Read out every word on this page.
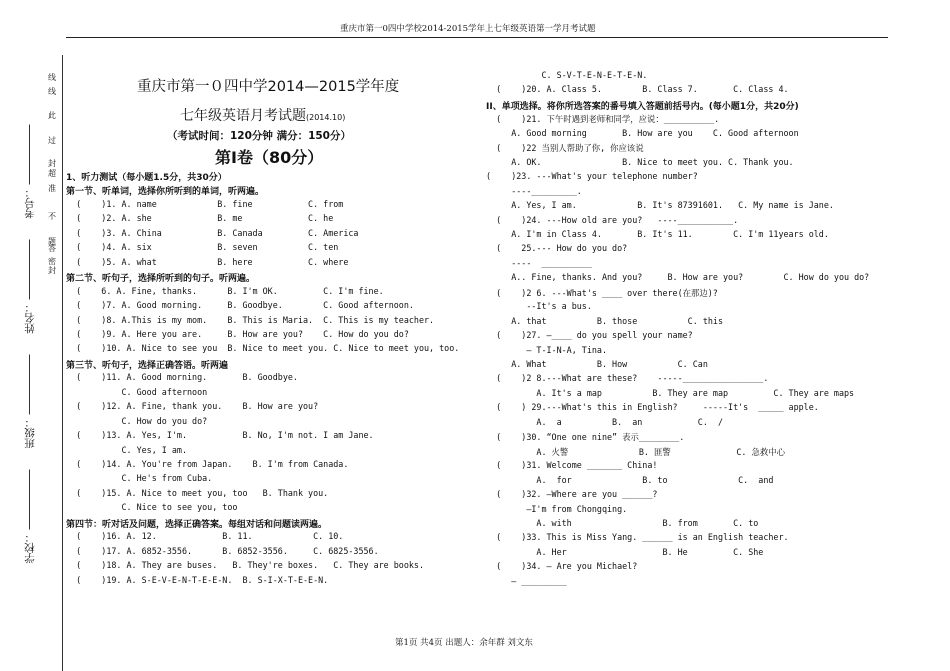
重庆市第一0四中学校2014-2015学年上七年级英语第一学月考试题
线
线
此
过
封
超
准
不
题
答
密
封
考号：
姓名：
班级：
学校：
重庆市第一０四中学2014—2015学年度
七年级英语月考试题(2014.10)
（考试时间：120分钟 满分：150分）
第Ⅰ卷（80分）
1、听力测试（每小题1.5分，共30分）
第一节、听单词，选择你所听到的单词，听两遍。
(    )1. A. name            B. fine           C. from
(    )2. A. she             B. me             C. he
(    )3. A. China           B. Canada         C. America
(    )4. A. six             B. seven          C. ten
(    )5. A. what            B. here           C. where
第二节、听句子，选择所听到的句子。听两遍。
(    6. A. Fine, thanks.      B. I'm OK.         C. I'm fine.
(    )7. A. Good morning.     B. Goodbye.        C. Good afternoon.
(    )8. A.This is my mom.    B. This is Maria.  C. This is my teacher.
(    )9. A. Here you are.     B. How are you?    C. How do you do?
(    )10. A. Nice to see you  B. Nice to meet you. C. Nice to meet you, too.
第三节、听句子，选择正确答语。听两遍
(    )11. A. Good morning.       B. Goodbye.
C. Good afternoon
(    )12. A. Fine, thank you.    B. How are you?
C. How do you do?
(    )13. A. Yes, I'm.           B. No, I'm not. I am Jane.
C. Yes, I am.
(    )14. A. You're from Japan.    B. I'm from Canada.
C. He's from Cuba.
(    )15. A. Nice to meet you, too   B. Thank you.
C. Nice to see you, too
第四节：听对话及问题，选择正确答案。每组对话和问题读两遍。
(    )16. A. 12.             B. 11.            C. 10.
(    )17. A. 6852-3556.      B. 6852-3556.     C. 6825-3556.
(    )18. A. They are buses.   B. They're boxes.   C. They are books.
(    )19. A. S-E-V-E-N-T-E-E-N.  B. S-I-X-T-E-E-N.
C. S-V-T-E-N-E-T-E-N.
(    )20. A. Class 5.        B. Class 7.       C. Class 4.
II、单项选择。将你所选答案的番号填入答题前括号内。(每小题1分，共20分)
(    )21. 下午时遇到老师和同学，应说：__________.
A. Good morning       B. How are you    C. Good afternoon
(    )22 当别人帮助了你, 你应该说
A. OK.                B. Nice to meet you. C. Thank you.
(    )23. ---What's your telephone number?
----_________.
A. Yes, I am.            B. It's 87391601.   C. My name is Jane.
(    )24. ---How old are you?   ----___________.
A. I'm in Class 4.       B. It's 11.        C. I'm 11years old.
(    25.--- How do you do?
----  __________
A.. Fine, thanks. And you?     B. How are you?        C. How do you do?
(    )2 6. ---What's ____ over there(在那边)?
--It's a bus.
A. that          B. those          C. this
(    )27. —____ do you spell your name?
— T-I-N-A, Tina.
A. What          B. How          C. Can
(    )2 8.---What are these?    -----________________.
A. It's a map          B. They are map         C. They are maps
(    ) 29.---What's this in English?     -----It's  _____ apple.
A.  a          B.  an           C.  /
(    )30. “One one nine” 表示________.
A. 火警              B. 匪警             C. 急救中心
(    )31. Welcome _______ China!
A.  for              B. to              C.  and
(    )32. —Where are you ______?
—I'm from Chongqing.
A. with                  B. from       C. to
(    )33. This is Miss Yang. ______ is an English teacher.
A. Her                   B. He         C. She
(    )34. — Are you Michael?
— _________
第1页 共4页 出题人：余年群 刘文东
